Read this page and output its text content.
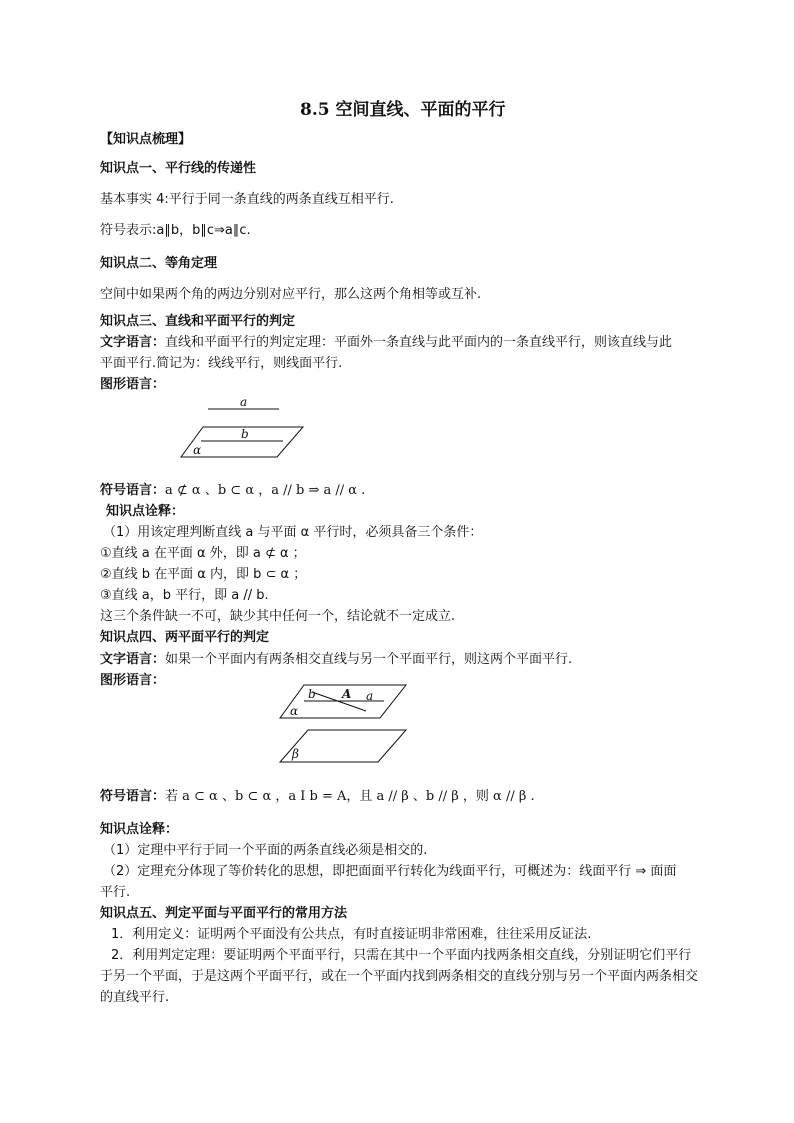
8.5 空间直线、平面的平行
【知识点梳理】
知识点一、平行线的传递性
基本事实 4:平行于同一条直线的两条直线互相平行.
符号表示:a∥b，b∥c⇒a∥c.
知识点二、等角定理
空间中如果两个角的两边分别对应平行，那么这两个角相等或互补.
知识点三、直线和平面平行的判定
文字语言：直线和平面平行的判定定理：平面外一条直线与此平面内的一条直线平行，则该直线与此
平面平行.简记为：线线平行，则线面平行.
图形语言：
a
b
α
符号语言：a ⊄ α 、b ⊂ α ，a // b ⇒ a // α .
知识点诠释：
（1）用该定理判断直线 a 与平面 α 平行时，必须具备三个条件：
①直线 a 在平面 α 外，即 a ⊄ α ；
②直线 b 在平面 α 内，即 b ⊂ α ；
③直线 a，b 平行，即 a // b.
这三个条件缺一不可，缺少其中任何一个，结论就不一定成立.
知识点四、两平面平行的判定
文字语言：如果一个平面内有两条相交直线与另一个平面平行，则这两个平面平行.
图形语言：
b A a
α
β
符号语言：若 a ⊂ α 、b ⊂ α ，a I b = A，且 a // β 、b // β ，则 α // β .
知识点诠释：
（1）定理中平行于同一个平面的两条直线必须是相交的.
（2）定理充分体现了等价转化的思想，即把面面平行转化为线面平行，可概述为：线面平行 ⇒ 面面
平行.
知识点五、判定平面与平面平行的常用方法
1．利用定义：证明两个平面没有公共点，有时直接证明非常困难，往往采用反证法.
2．利用判定定理：要证明两个平面平行，只需在其中一个平面内找两条相交直线，分别证明它们平行
于另一个平面，于是这两个平面平行，或在一个平面内找到两条相交的直线分别与另一个平面内两条相交
的直线平行.
